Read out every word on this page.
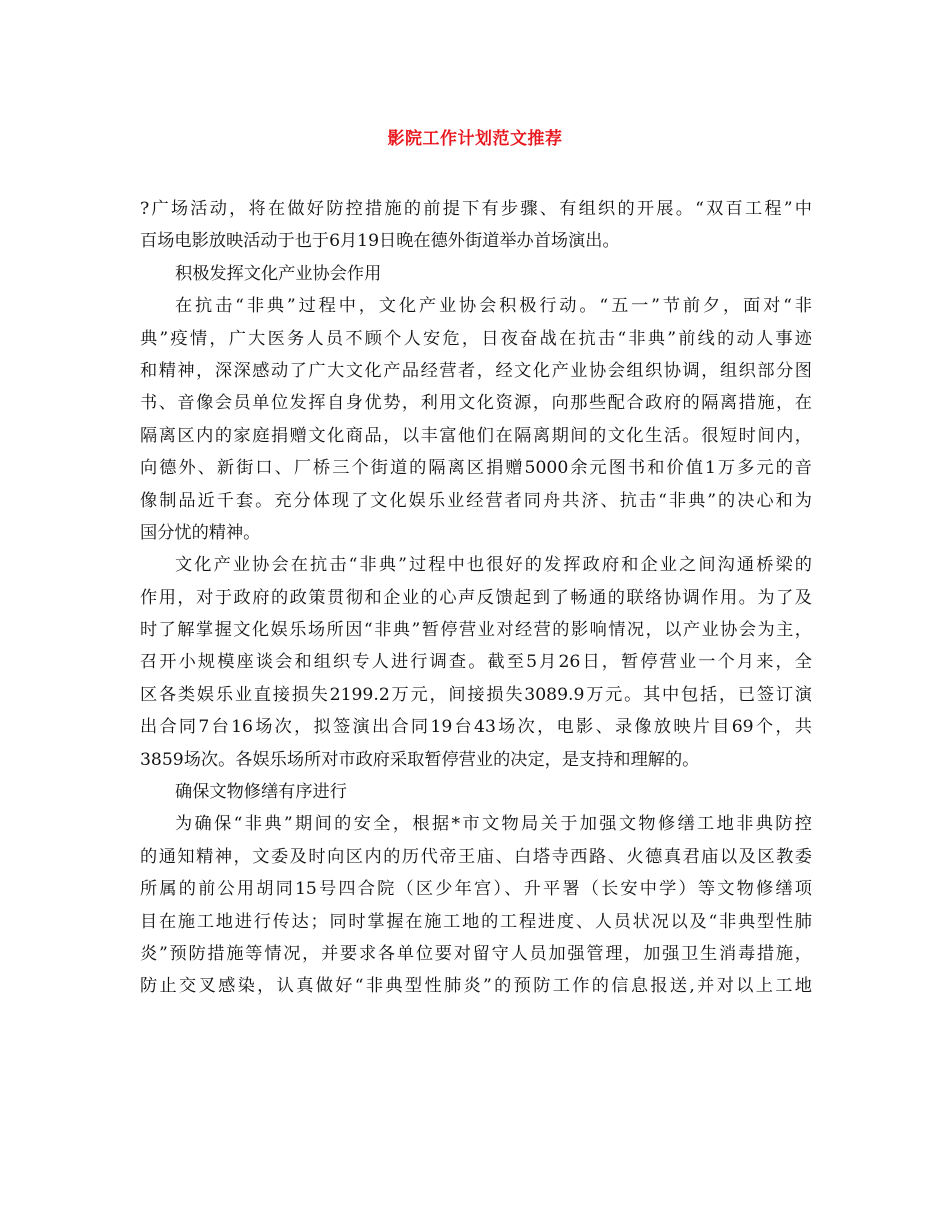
影院工作计划范文推荐
?广场活动，将在做好防控措施的前提下有步骤、有组织的开展。“双百工程”中
百场电影放映活动于也于6月19日晚在德外街道举办首场演出。
积极发挥文化产业协会作用
在抗击“非典”过程中，文化产业协会积极行动。“五一”节前夕，面对“非
典”疫情，广大医务人员不顾个人安危，日夜奋战在抗击“非典”前线的动人事迹
和精神，深深感动了广大文化产品经营者，经文化产业协会组织协调，组织部分图
书、音像会员单位发挥自身优势，利用文化资源，向那些配合政府的隔离措施，在
隔离区内的家庭捐赠文化商品，以丰富他们在隔离期间的文化生活。很短时间内，
向德外、新街口、厂桥三个街道的隔离区捐赠5000余元图书和价值1万多元的音
像制品近千套。充分体现了文化娱乐业经营者同舟共济、抗击“非典”的决心和为
国分忧的精神。
文化产业协会在抗击“非典”过程中也很好的发挥政府和企业之间沟通桥梁的
作用，对于政府的政策贯彻和企业的心声反馈起到了畅通的联络协调作用。为了及
时了解掌握文化娱乐场所因“非典”暂停营业对经营的影响情况，以产业协会为主，
召开小规模座谈会和组织专人进行调查。截至5月26日，暂停营业一个月来，全
区各类娱乐业直接损失2199.2万元，间接损失3089.9万元。其中包括，已签订演
出合同7台16场次，拟签演出合同19台43场次，电影、录像放映片目69个，共
3859场次。各娱乐场所对市政府采取暂停营业的决定，是支持和理解的。
确保文物修缮有序进行
为确保“非典”期间的安全，根据*市文物局关于加强文物修缮工地非典防控
的通知精神，文委及时向区内的历代帝王庙、白塔寺西路、火德真君庙以及区教委
所属的前公用胡同15号四合院（区少年宫）、升平署（长安中学）等文物修缮项
目在施工地进行传达；同时掌握在施工地的工程进度、人员状况以及“非典型性肺
炎”预防措施等情况，并要求各单位要对留守人员加强管理，加强卫生消毒措施，
防止交叉感染，认真做好“非典型性肺炎”的预防工作的信息报送,并对以上工地
